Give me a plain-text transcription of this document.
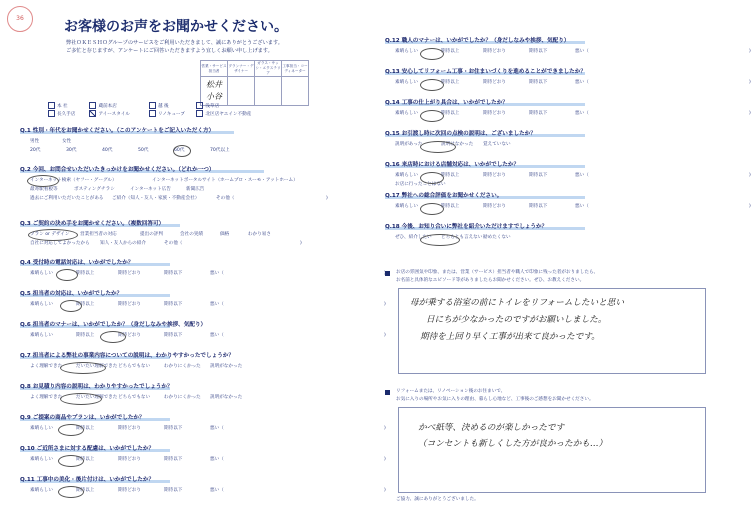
36
お客様のお声をお聞かせください。
弊社ＯＫＥＳＨＯグループのサービスをご利用いただきまして、誠にありがとうございます。
ご多忙と存じますが、アンケートにご回答いただきますよう宜しくお願い申し上げます。
営業・サービス担当者	プランナー・デザイナー	ガラス・サッシ・エクステリア	工事担当・コーディネーター

松井
小谷			

本 社	蔵前本店	越 後	浅草店
長久手店	アイースタイル	リノキューブ	北区店ヤエイン不動産
Q.1 性別・年代をお聞かせください。（このアンケートをご記入いただく方）
男性	女性
20代	30代	40代	50代	60代	70代以上
Q.2 今回、お問合せいただいたきっかけをお聞かせください。（どれか一つ）
インターネット検索（ヤフー・グーグル）	インターネットポータルサイト（ホームプロ・スーモ・アットホーム）
最寄駅看板等	ポスティングチラシ	インターネット広告	新聞広告
過去にご利用いただいたことがある	ご紹介（知人・友人・家族・不動産会社）	その他（	)
Q.3 ご契約の決め手をお聞かせください。（複数回答可）
プラン or デザイン	営業担当者の対応	提出の評判	会社の実績	価格	わかり易さ
自社に対応してよかったから	知人・友人からの紹介	その他（	)
Q.4 受付時の電話対応は、いかがでしたか？
素晴らしい	期待以上	期待どおり	期待以下	悪い（
Q.5 担当者の対応は、いかがでしたか？
素晴らしい	期待以上	期待どおり	期待以下	悪い（	)
Q.6 担当者のマナーは、いかがでしたか？（身だしなみや挨拶、気配り）
素晴らしい	期待以上	期待どおり	期待以下	悪い（	)
Q.7 担当者による弊社の事業内容についての説明は、わかりやすかったでしょうか？
よく理解できた	だいたい理解できた どちらでもない	わかりにくかった	説明がなかった
Q.8 お見積り内容の説明は、わかりやすかったでしょうか？
よく理解できた	だいたい理解できた どちらでもない	わかりにくかった	説明がなかった
Q.9 ご提案の商品やプランは、いかがでしたか？
素晴らしい	期待以上	期待どおり	期待以下	悪い（	)
Q.10 ご近所さまに対する配慮は、いかがでしたか？
素晴らしい	期待以上	期待どおり	期待以下	悪い（	)
Q.11 工事中の美化・後片付けは、いかがでしたか？
素晴らしい	期待以上	期待どおり	期待以下	悪い（	)
Q.12 職人のマナーは、いかがでしたか？（身だしなみや挨拶、気配り）
素晴らしい	期待以上	期待どおり	期待以下	悪い（	)
Q.13 安心してリフォーム工事・お住まいづくりを進めることができましたか？
素晴らしい	期待以上	期待どおり	期待以下	悪い（	)
Q.14 工事の仕上がり具合は、いかがでしたか？
素晴らしい	期待以上	期待どおり	期待以下	悪い（	)
Q.15 お引渡し時に次回の点検の説明は、ございましたか？
説明があった	説明はなかった	覚えていない
Q.16 来店時における店舗対応は、いかがでしたか？
素晴らしい	期待以上	期待どおり	期待以下	悪い（	)
お店に行ったことはない
Q.17 弊社への総合評価をお聞かせください。
素晴らしい	期待以上	期待どおり	期待以下	悪い（	)
Q.18 今後、お知り合いに弊社を紹介いただけますでしょうか？
ぜひ、紹介したい	どちらとも言えない 勧めたくない
お店の雰囲気や印象、または、営業（サービス）担当者や職人で印象に残った者がおりましたら、
お名前と具体的なエピソード等がありましたらお聞かせください。ぜひ、お教えください。
母が乗する浴室の前にトイレをリフォームしたいと思い
日にちが少なかったのですがお願いしました。
期待を上回り早く工事が出来て良かったです。
リフォームまたは、リノベーション後のお住まいで、
お気に入りの場所やお気に入りの理由、暮らし心地など、工事後のご感想をお聞かせください。
かべ紙等、決めるのが楽しかったです
（コンセントも新しくした方が良かったかも…）
ご協力、誠にありがとうございました。
